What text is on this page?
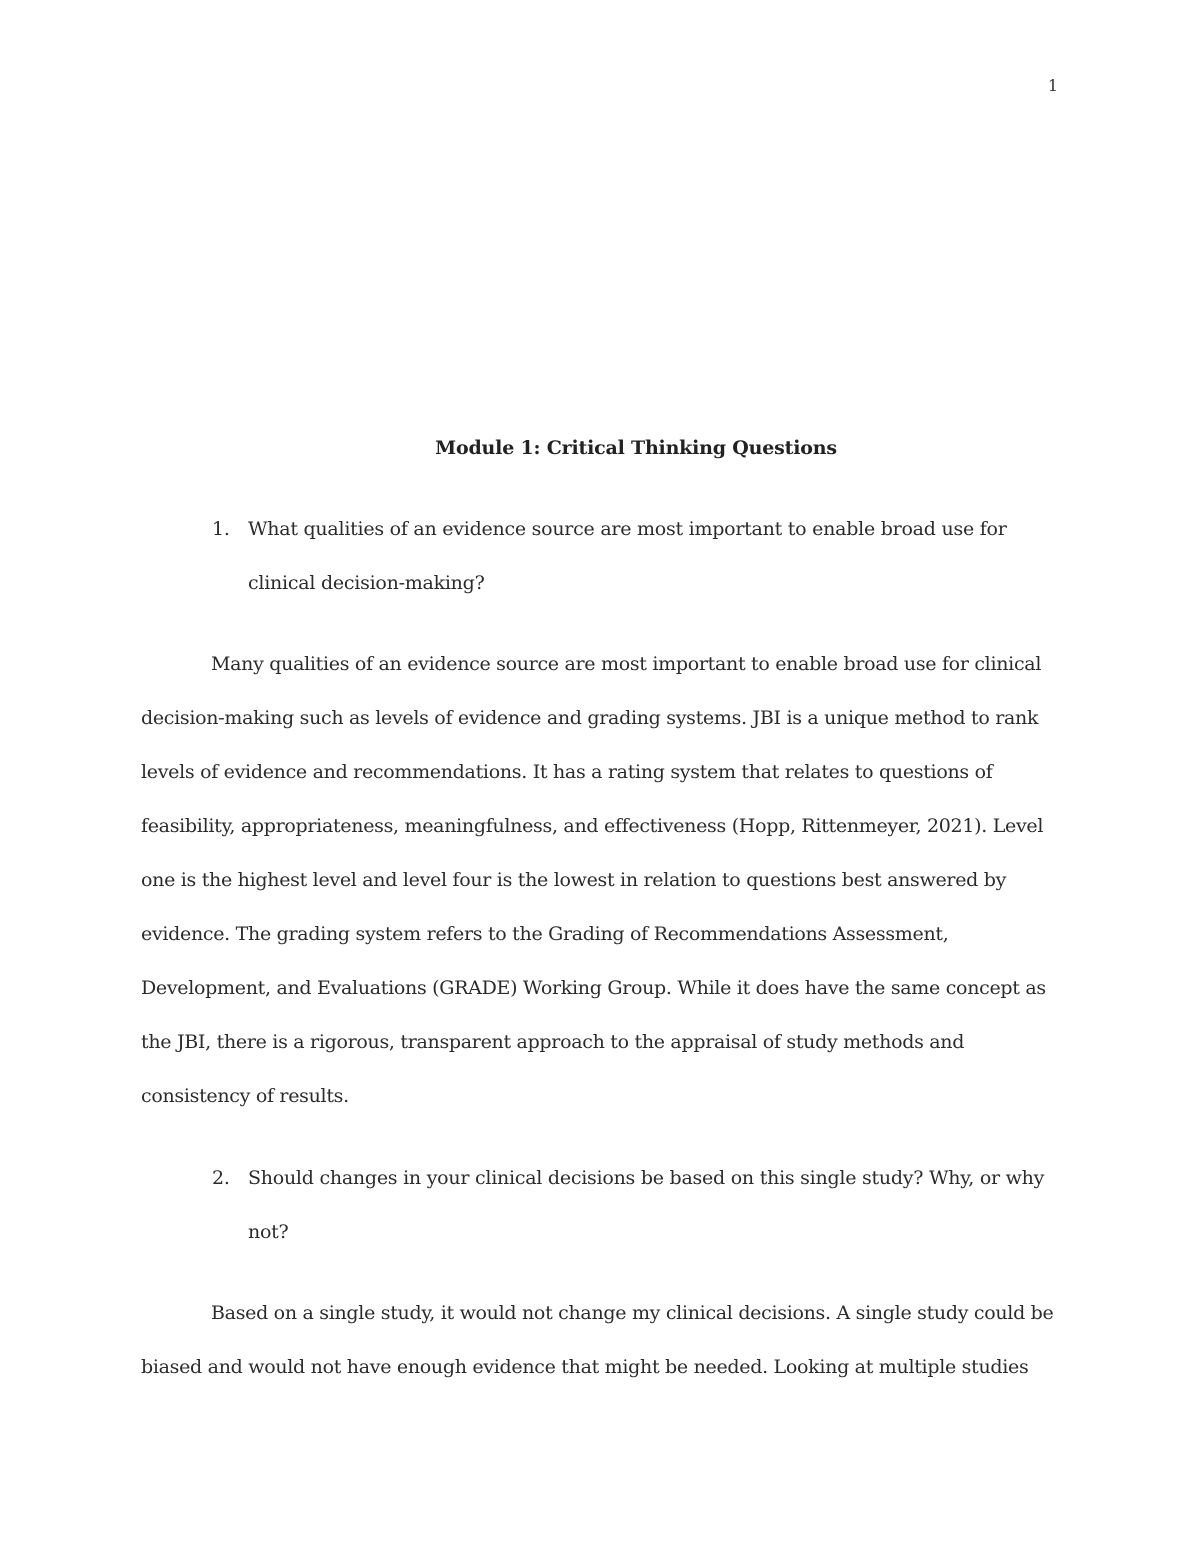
1
Module 1: Critical Thinking Questions
1. What qualities of an evidence source are most important to enable broad use for clinical decision-making?

Many qualities of an evidence source are most important to enable broad use for clinical decision-making such as levels of evidence and grading systems. JBI is a unique method to rank levels of evidence and recommendations. It has a rating system that relates to questions of feasibility, appropriateness, meaningfulness, and effectiveness (Hopp, Rittenmeyer, 2021). Level one is the highest level and level four is the lowest in relation to questions best answered by evidence. The grading system refers to the Grading of Recommendations Assessment, Development, and Evaluations (GRADE) Working Group. While it does have the same concept as the JBI, there is a rigorous, transparent approach to the appraisal of study methods and consistency of results.

2. Should changes in your clinical decisions be based on this single study? Why, or why not?

Based on a single study, it would not change my clinical decisions. A single study could be biased and would not have enough evidence that might be needed. Looking at multiple studies
